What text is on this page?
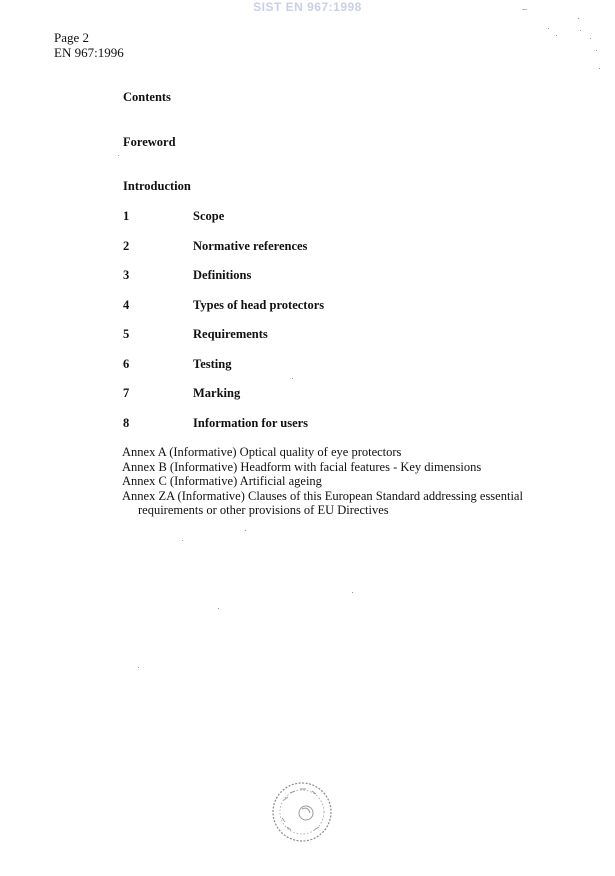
SIST EN 967:1998
Page 2
EN 967:1996
Contents
Foreword
Introduction
1	Scope
2	Normative references
3	Definitions
4	Types of head protectors
5	Requirements
6	Testing
7	Marking
8	Information for users
Annex A (Informative) Optical quality of eye protectors
Annex B (Informative) Headform with facial features - Key dimensions
Annex C (Informative) Artificial ageing
Annex ZA (Informative) Clauses of this European Standard addressing essential
requirements or other provisions of EU Directives
